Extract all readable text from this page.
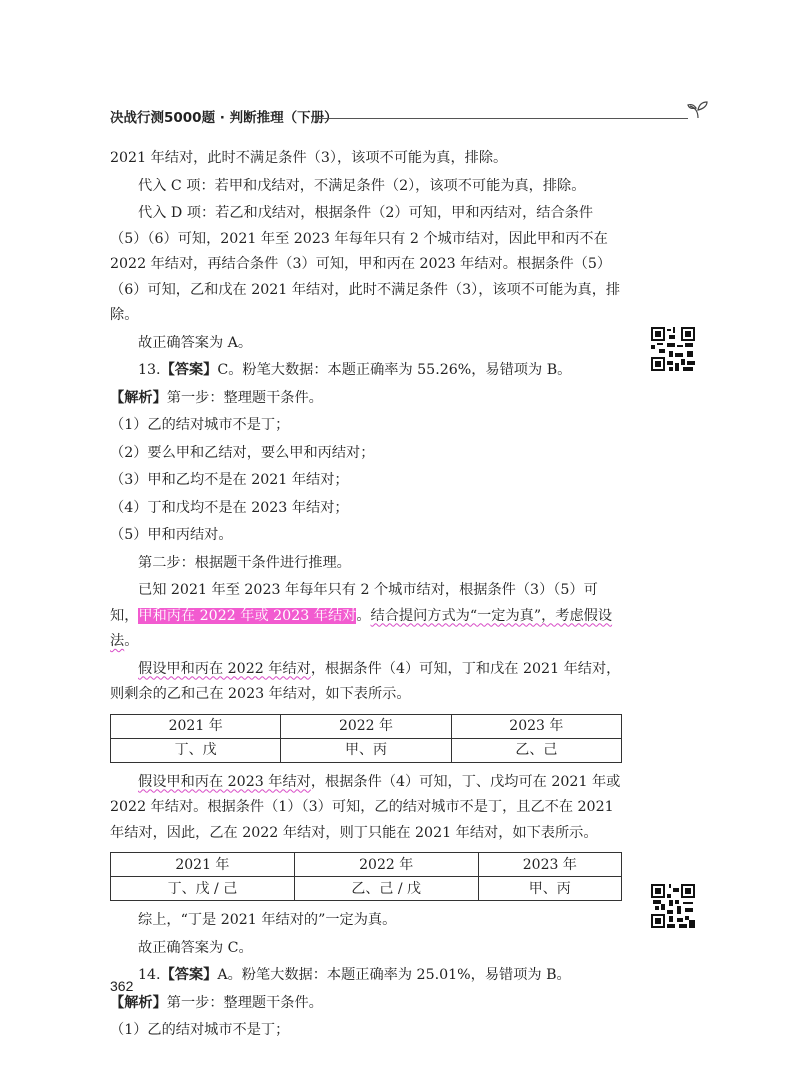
决战行测5000题 · 判断推理（下册）

2021 年结对，此时不满足条件（3），该项不可能为真，排除。

代入 C 项：若甲和戊结对，不满足条件（2），该项不可能为真，排除。

代入 D 项：若乙和戊结对，根据条件（2）可知，甲和丙结对，结合条件（5）（6）可知，2021 年至 2023 年每年只有 2 个城市结对，因此甲和丙不在 2022 年结对，再结合条件（3）可知，甲和丙在 2023 年结对。根据条件（5）（6）可知，乙和戊在 2021 年结对，此时不满足条件（3），该项不可能为真，排除。

故正确答案为 A。

13.【答案】C。粉笔大数据：本题正确率为 55.26%，易错项为 B。

【解析】第一步：整理题干条件。

（1）乙的结对城市不是丁；

（2）要么甲和乙结对，要么甲和丙结对；

（3）甲和乙均不是在 2021 年结对；

（4）丁和戊均不是在 2023 年结对；

（5）甲和丙结对。

第二步：根据题干条件进行推理。

已知 2021 年至 2023 年每年只有 2 个城市结对，根据条件（3）（5）可知，甲和丙在 2022 年或 2023 年结对。结合提问方式为“一定为真”，考虑假设法。

假设甲和丙在 2022 年结对，根据条件（4）可知，丁和戊在 2021 年结对，则剩余的乙和己在 2023 年结对，如下表所示。

2021 年	2022 年	2023 年
丁、戊	甲、丙	乙、己

假设甲和丙在 2023 年结对，根据条件（4）可知，丁、戊均可在 2021 年或 2022 年结对。根据条件（1）（3）可知，乙的结对城市不是丁，且乙不在 2021 年结对，因此，乙在 2022 年结对，则丁只能在 2021 年结对，如下表所示。

2021 年	2022 年	2023 年
丁、戊 / 己	乙、己 / 戊	甲、丙

综上，“丁是 2021 年结对的”一定为真。

故正确答案为 C。

14.【答案】A。粉笔大数据：本题正确率为 25.01%，易错项为 B。

【解析】第一步：整理题干条件。

（1）乙的结对城市不是丁；

362
